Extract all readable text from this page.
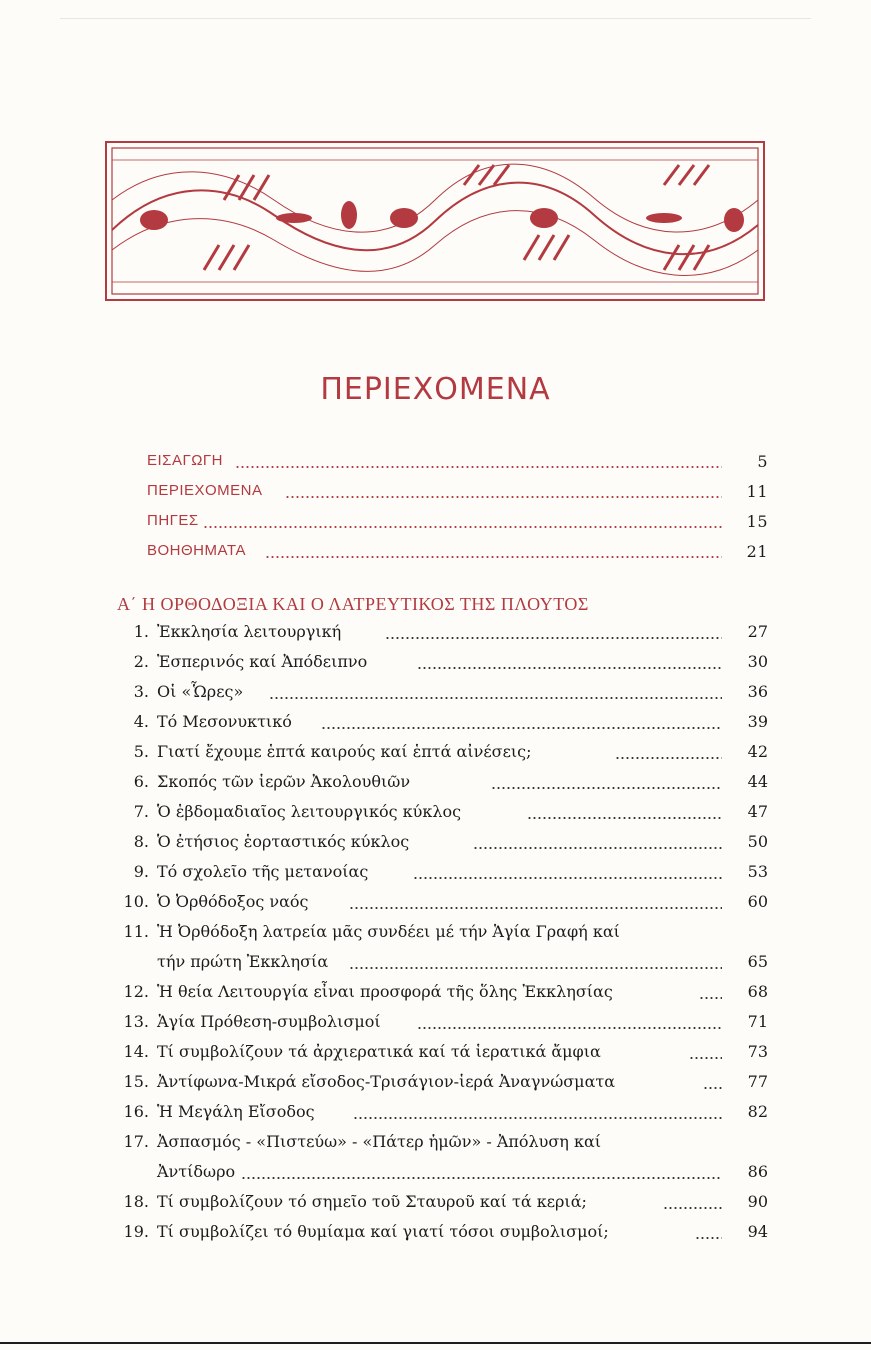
ΠΕΡΙΕΧΟΜΕΝΑ
ΕΙΣΑΓΩΓΗ	5
ΠΕΡΙΕΧΟΜΕΝΑ	11
ΠΗΓΕΣ	15
ΒΟΗΘΗΜΑΤΑ	21
Α΄ Η ΟΡΘΟΔΟΞΙΑ ΚΑΙ Ο ΛΑΤΡΕΥΤΙΚΟΣ ΤΗΣ ΠΛΟΥΤΟΣ
1. Ἐκκλησία λειτουργική	27
2. Ἑσπερινός καί Ἀπόδειπνο	30
3. Οἱ «Ὧρες»	36
4. Τό Μεσονυκτικό	39
5. Γιατί ἔχουμε ἑπτά καιρούς καί ἑπτά αἰνέσεις;	42
6. Σκοπός τῶν ἱερῶν Ἀκολουθιῶν	44
7. Ὁ ἑβδομαδιαῖος λειτουργικός κύκλος	47
8. Ὁ ἐτήσιος ἑορταστικός κύκλος	50
9. Τό σχολεῖο τῆς μετανοίας	53
10. Ὁ Ὀρθόδοξος ναός	60
11. Ἡ Ὀρθόδοξη λατρεία μᾶς συνδέει μέ τήν Ἁγία Γραφή καί
τήν πρώτη Ἐκκλησία	65
12. Ἡ θεία Λειτουργία εἶναι προσφορά τῆς ὅλης Ἐκκλησίας	68
13. Ἁγία Πρόθεση-συμβολισμοί	71
14. Τί συμβολίζουν τά ἀρχιερατικά καί τά ἱερατικά ἄμφια	73
15. Ἀντίφωνα-Μικρά εἴσοδος-Τρισάγιον-ἱερά Ἀναγνώσματα	77
16. Ἡ Μεγάλη Εἴσοδος	82
17. Ἀσπασμός - «Πιστεύω» - «Πάτερ ἡμῶν» - Ἀπόλυση καί
Ἀντίδωρο	86
18. Τί συμβολίζουν τό σημεῖο τοῦ Σταυροῦ καί τά κεριά;	90
19. Τί συμβολίζει τό θυμίαμα καί γιατί τόσοι συμβολισμοί;	94
